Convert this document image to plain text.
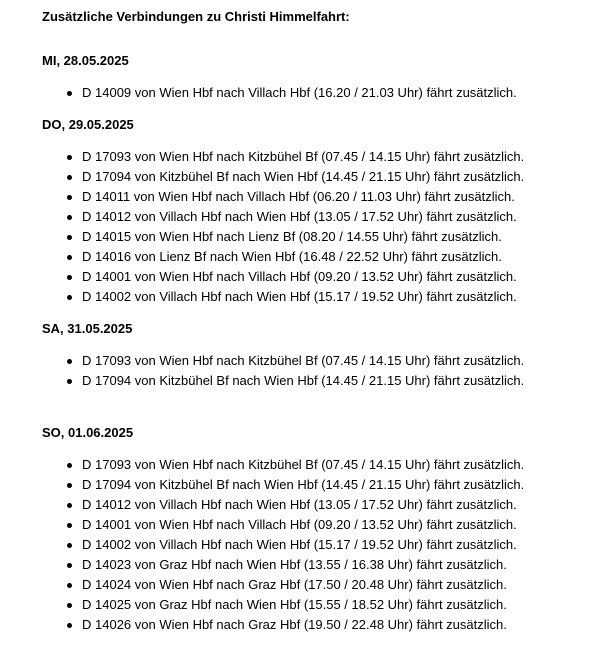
Zusätzliche Verbindungen zu Christi Himmelfahrt:

MI, 28.05.2025

D 14009 von Wien Hbf nach Villach Hbf (16.20 / 21.03 Uhr) fährt zusätzlich.

DO, 29.05.2025

D 17093 von Wien Hbf nach Kitzbühel Bf (07.45 / 14.15 Uhr) fährt zusätzlich.
D 17094 von Kitzbühel Bf nach Wien Hbf (14.45 / 21.15 Uhr) fährt zusätzlich.
D 14011 von Wien Hbf nach Villach Hbf (06.20 / 11.03 Uhr) fährt zusätzlich.
D 14012 von Villach Hbf nach Wien Hbf (13.05 / 17.52 Uhr) fährt zusätzlich.
D 14015 von Wien Hbf nach Lienz Bf (08.20 / 14.55 Uhr) fährt zusätzlich.
D 14016 von Lienz Bf nach Wien Hbf (16.48 / 22.52 Uhr) fährt zusätzlich.
D 14001 von Wien Hbf nach Villach Hbf (09.20 / 13.52 Uhr) fährt zusätzlich.
D 14002 von Villach Hbf nach Wien Hbf (15.17 / 19.52 Uhr) fährt zusätzlich.

SA, 31.05.2025

D 17093 von Wien Hbf nach Kitzbühel Bf (07.45 / 14.15 Uhr) fährt zusätzlich.
D 17094 von Kitzbühel Bf nach Wien Hbf (14.45 / 21.15 Uhr) fährt zusätzlich.

SO, 01.06.2025

D 17093 von Wien Hbf nach Kitzbühel Bf (07.45 / 14.15 Uhr) fährt zusätzlich.
D 17094 von Kitzbühel Bf nach Wien Hbf (14.45 / 21.15 Uhr) fährt zusätzlich.
D 14012 von Villach Hbf nach Wien Hbf (13.05 / 17.52 Uhr) fährt zusätzlich.
D 14001 von Wien Hbf nach Villach Hbf (09.20 / 13.52 Uhr) fährt zusätzlich.
D 14002 von Villach Hbf nach Wien Hbf (15.17 / 19.52 Uhr) fährt zusätzlich.
D 14023 von Graz Hbf nach Wien Hbf (13.55 / 16.38 Uhr) fährt zusätzlich.
D 14024 von Wien Hbf nach Graz Hbf (17.50 / 20.48 Uhr) fährt zusätzlich.
D 14025 von Graz Hbf nach Wien Hbf (15.55 / 18.52 Uhr) fährt zusätzlich.
D 14026 von Wien Hbf nach Graz Hbf (19.50 / 22.48 Uhr) fährt zusätzlich.
